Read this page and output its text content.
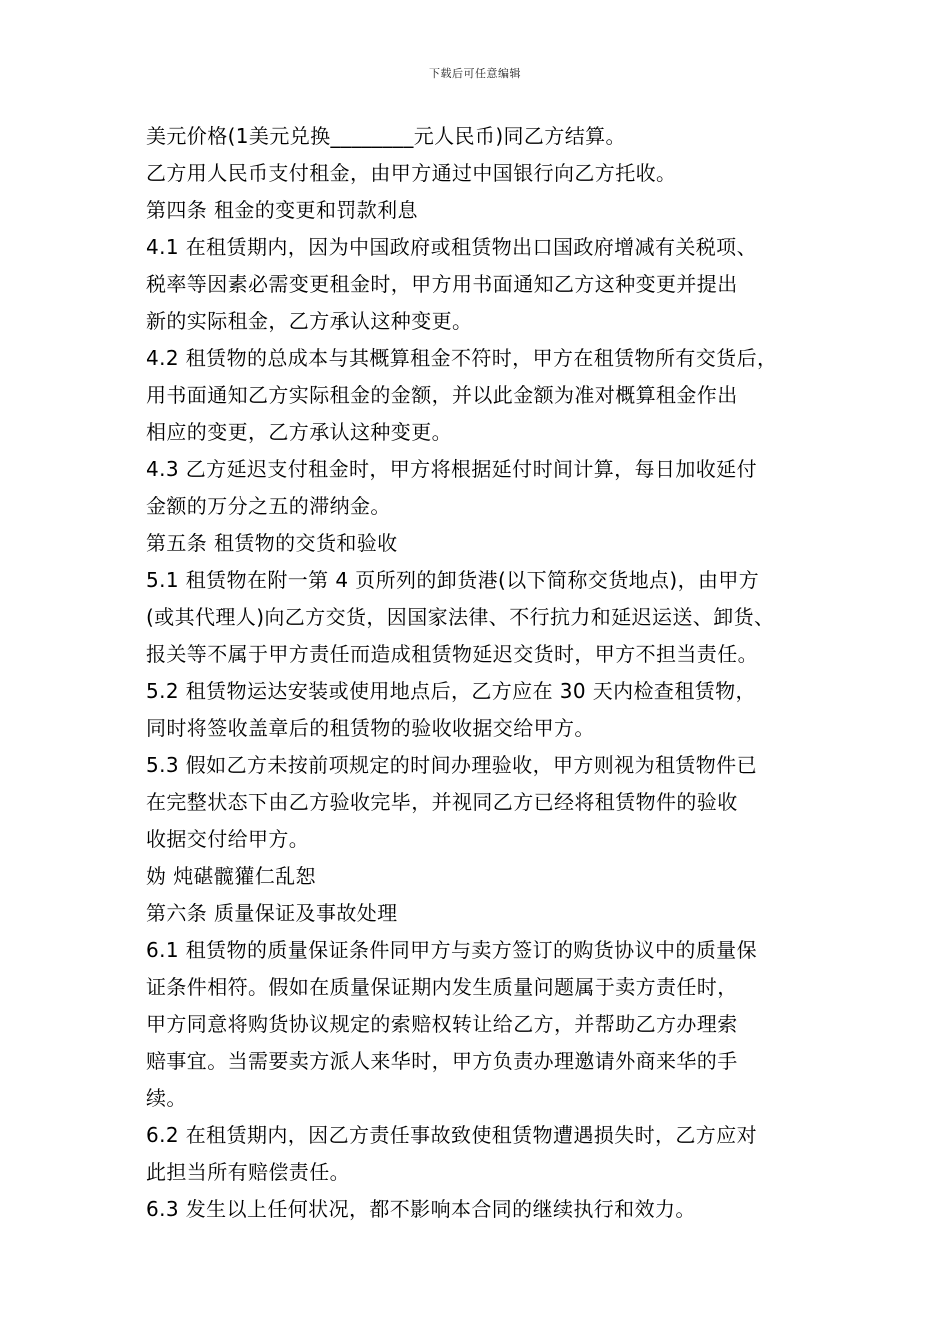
下载后可任意编辑
美元价格(1美元兑换________元人民币)同乙方结算。
乙方用人民币支付租金，由甲方通过中国银行向乙方托收。
第四条 租金的变更和罚款利息
4.1 在租赁期内，因为中国政府或租赁物出口国政府增减有关税项、
税率等因素必需变更租金时，甲方用书面通知乙方这种变更并提出
新的实际租金，乙方承认这种变更。
4.2 租赁物的总成本与其概算租金不符时，甲方在租赁物所有交货后，
用书面通知乙方实际租金的金额，并以此金额为准对概算租金作出
相应的变更，乙方承认这种变更。
4.3 乙方延迟支付租金时，甲方将根据延付时间计算，每日加收延付
金额的万分之五的滞纳金。
第五条 租赁物的交货和验收
5.1 租赁物在附一第 4 页所列的卸货港(以下简称交货地点)，由甲方
(或其代理人)向乙方交货，因国家法律、不行抗力和延迟运送、卸货、
报关等不属于甲方责任而造成租赁物延迟交货时，甲方不担当责任。
5.2 租赁物运达安装或使用地点后，乙方应在 30 天内检查租赁物，
同时将签收盖章后的租赁物的验收收据交给甲方。
5.3 假如乙方未按前项规定的时间办理验收，甲方则视为租赁物件已
在完整状态下由乙方验收完毕，并视同乙方已经将租赁物件的验收
收据交付给甲方。
妫 炖碪髋獾仁乱恕
第六条 质量保证及事故处理
6.1 租赁物的质量保证条件同甲方与卖方签订的购货协议中的质量保
证条件相符。假如在质量保证期内发生质量问题属于卖方责任时，
甲方同意将购货协议规定的索赔权转让给乙方，并帮助乙方办理索
赔事宜。当需要卖方派人来华时，甲方负责办理邀请外商来华的手
续。
6.2 在租赁期内，因乙方责任事故致使租赁物遭遇损失时，乙方应对
此担当所有赔偿责任。
6.3 发生以上任何状况，都不影响本合同的继续执行和效力。
